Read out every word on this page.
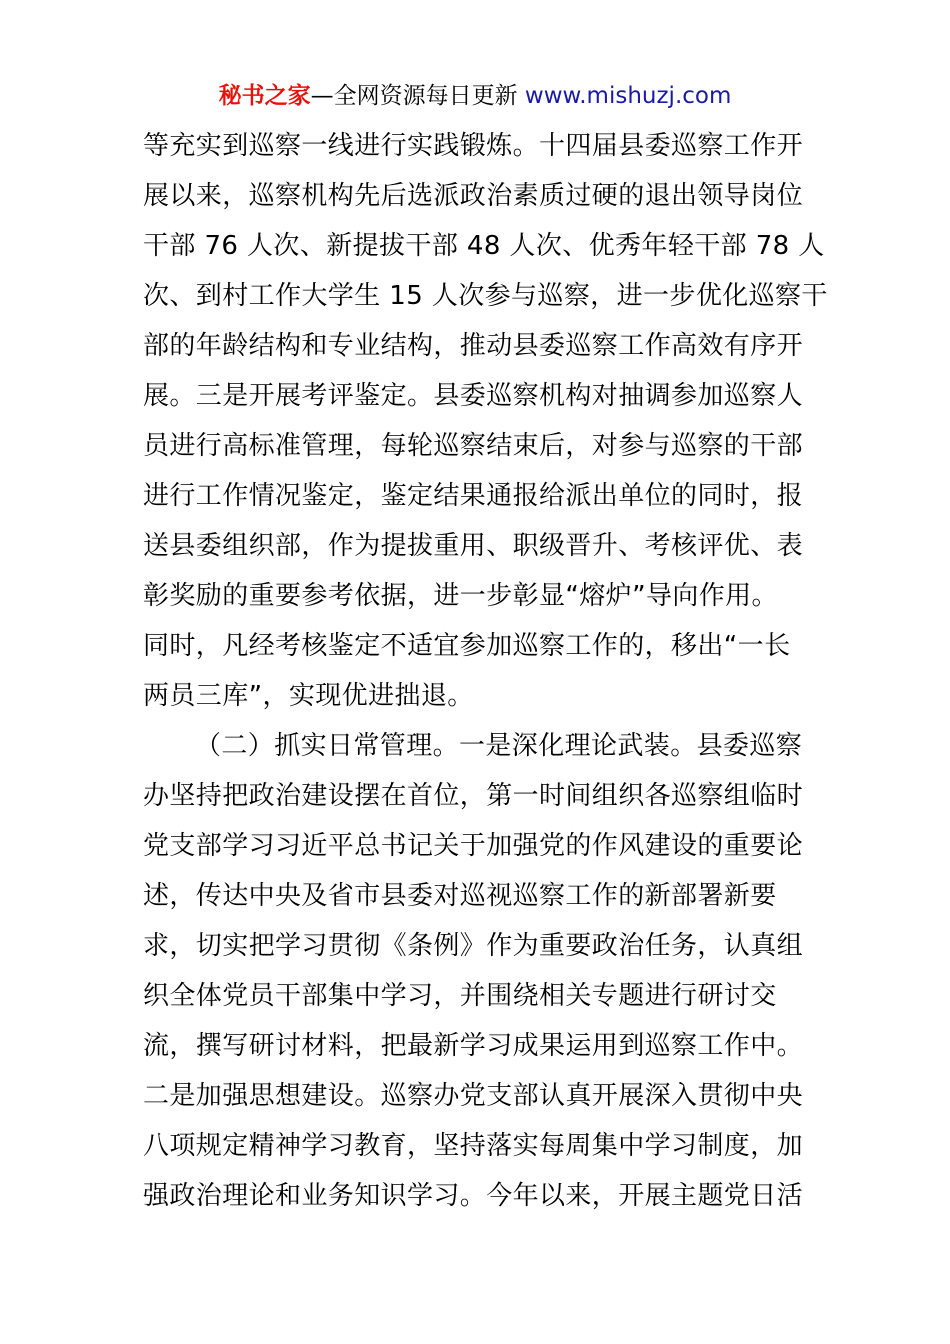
秘书之家—全网资源每日更新 www.mishuzj.com
等充实到巡察一线进行实践锻炼。十四届县委巡察工作开
展以来，巡察机构先后选派政治素质过硬的退出领导岗位
干部 76 人次、新提拔干部 48 人次、优秀年轻干部 78 人
次、到村工作大学生 15 人次参与巡察，进一步优化巡察干
部的年龄结构和专业结构，推动县委巡察工作高效有序开
展。三是开展考评鉴定。县委巡察机构对抽调参加巡察人
员进行高标准管理，每轮巡察结束后，对参与巡察的干部
进行工作情况鉴定，鉴定结果通报给派出单位的同时，报
送县委组织部，作为提拔重用、职级晋升、考核评优、表
彰奖励的重要参考依据，进一步彰显“熔炉”导向作用。
同时，凡经考核鉴定不适宜参加巡察工作的，移出“一长
两员三库”，实现优进拙退。
（二）抓实日常管理。一是深化理论武装。县委巡察
办坚持把政治建设摆在首位，第一时间组织各巡察组临时
党支部学习习近平总书记关于加强党的作风建设的重要论
述，传达中央及省市县委对巡视巡察工作的新部署新要
求，切实把学习贯彻《条例》作为重要政治任务，认真组
织全体党员干部集中学习，并围绕相关专题进行研讨交
流，撰写研讨材料，把最新学习成果运用到巡察工作中。
二是加强思想建设。巡察办党支部认真开展深入贯彻中央
八项规定精神学习教育，坚持落实每周集中学习制度，加
强政治理论和业务知识学习。今年以来，开展主题党日活
